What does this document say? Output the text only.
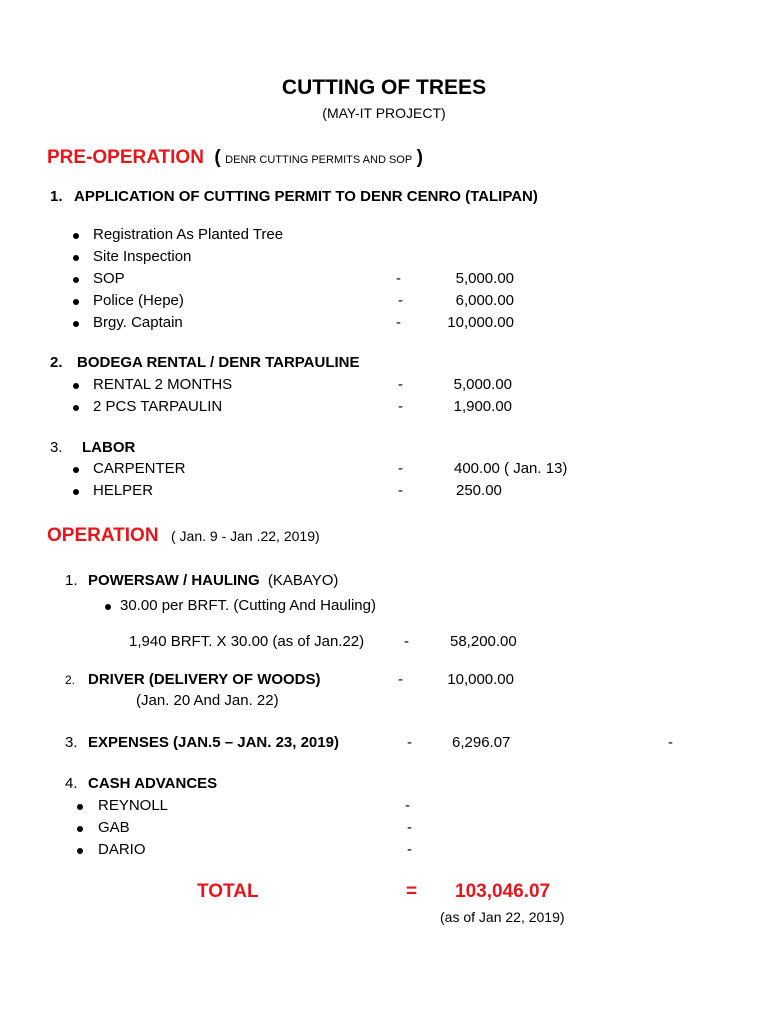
CUTTING OF TREES
(MAY-IT PROJECT)
PRE-OPERATION ( DENR CUTTING PERMITS AND SOP )
1. APPLICATION OF CUTTING PERMIT TO DENR CENRO (TALIPAN)
Registration As Planted Tree
Site Inspection
SOP	-	5,000.00
Police (Hepe)	-	6,000.00
Brgy. Captain	-	10,000.00
2. BODEGA RENTAL / DENR TARPAULINE
RENTAL 2 MONTHS	-	5,000.00
2 PCS TARPAULIN	-	1,900.00
3. LABOR
CARPENTER	-	400.00 ( Jan. 13)
HELPER	-	250.00
OPERATION ( Jan. 9 - Jan .22, 2019)
1. POWERSAW / HAULING (KABAYO)
30.00 per BRFT. (Cutting And Hauling)
1,940 BRFT. X 30.00 (as of Jan.22)	-	58,200.00
2. DRIVER (DELIVERY OF WOODS)	-	10,000.00
(Jan. 20 And Jan. 22)
3. EXPENSES (JAN.5 – JAN. 23, 2019)	-	6,296.07	-
4. CASH ADVANCES
REYNOLL	-
GAB	-
DARIO	-
TOTAL	= 103,046.07
(as of Jan 22, 2019)
